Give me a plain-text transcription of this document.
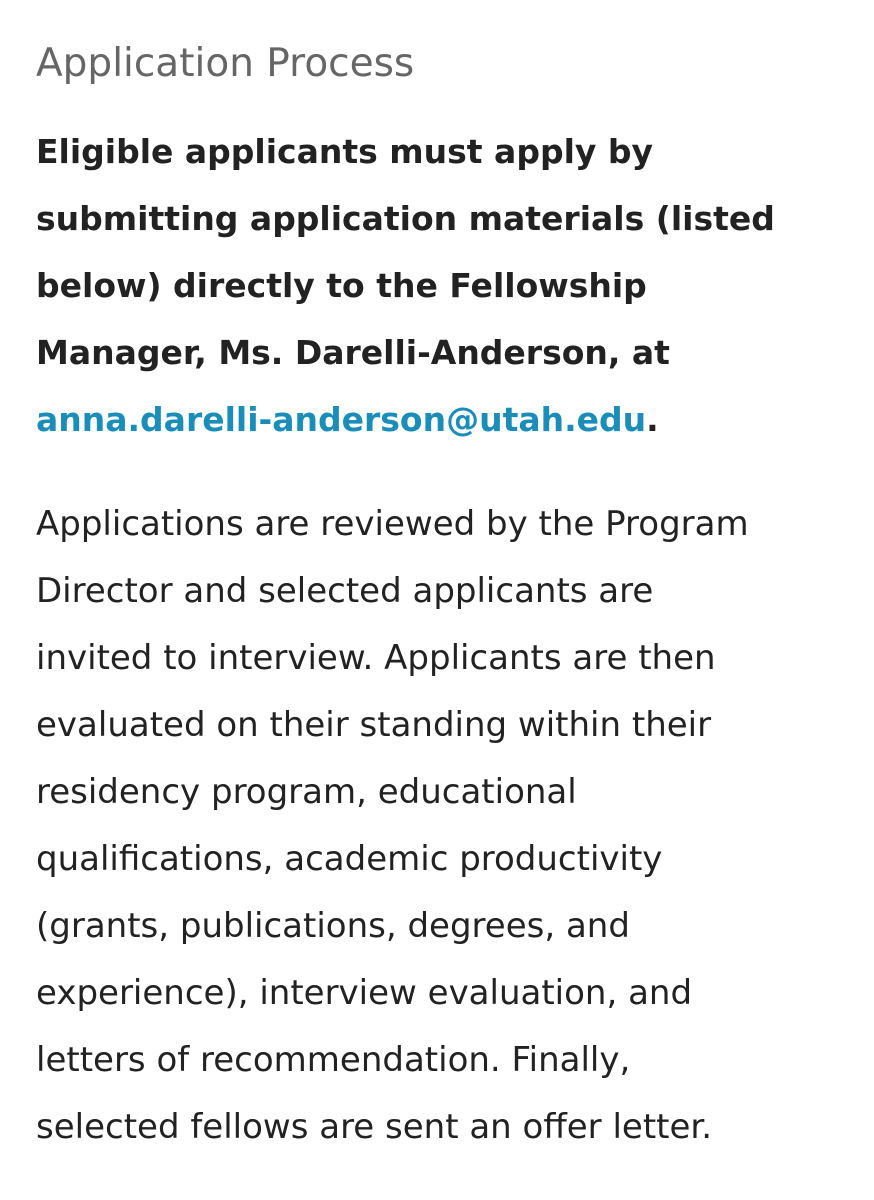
Application Process

Eligible applicants must apply by
submitting application materials (listed
below) directly to the Fellowship
Manager, Ms. Darelli-Anderson, at
anna.darelli-anderson@utah.edu.

Applications are reviewed by the Program
Director and selected applicants are
invited to interview. Applicants are then
evaluated on their standing within their
residency program, educational
qualifications, academic productivity
(grants, publications, degrees, and
experience), interview evaluation, and
letters of recommendation. Finally,
selected fellows are sent an offer letter.
